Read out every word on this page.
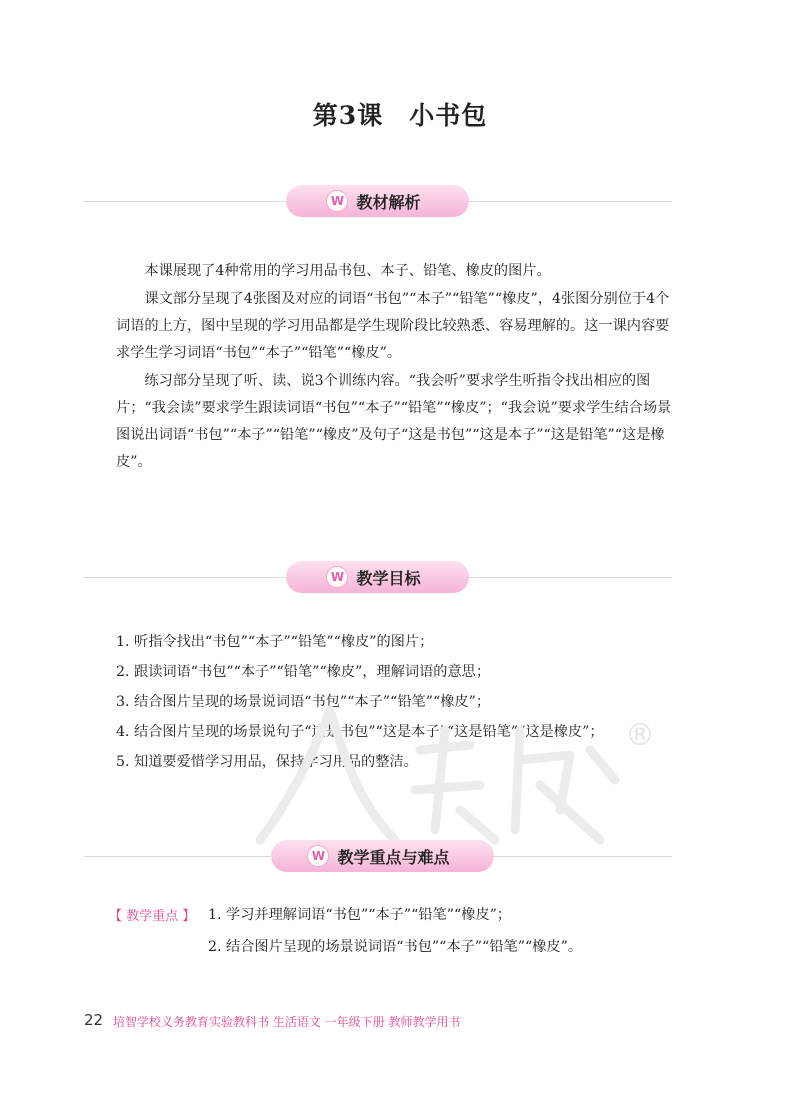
第3课　小书包
W 教材解析

本课展现了4种常用的学习用品书包、本子、铅笔、橡皮的图片。

课文部分呈现了4张图及对应的词语“书包”“本子”“铅笔”“橡皮”，4张图分别位于4个词语的上方，图中呈现的学习用品都是学生现阶段比较熟悉、容易理解的。这一课内容要求学生学习词语“书包”“本子”“铅笔”“橡皮”。

练习部分呈现了听、读、说3个训练内容。“我会听”要求学生听指令找出相应的图片；“我会读”要求学生跟读词语“书包”“本子”“铅笔”“橡皮”；“我会说”要求学生结合场景图说出词语“书包”“本子”“铅笔”“橡皮”及句子“这是书包”“这是本子”“这是铅笔”“这是橡皮”。

W 教学目标

1. 听指令找出“书包”“本子”“铅笔”“橡皮”的图片；

2. 跟读词语“书包”“本子”“铅笔”“橡皮”，理解词语的意思；

3. 结合图片呈现的场景说词语“书包”“本子”“铅笔”“橡皮”；

4. 结合图片呈现的场景说句子“这是书包”“这是本子”“这是铅笔”“这是橡皮”；

5. 知道要爱惜学习用品，保持学习用品的整洁。

®
W 教学重点与难点
【 教学重点 】 1. 学习并理解词语“书包”“本子”“铅笔”“橡皮”；
2. 结合图片呈现的场景说词语“书包”“本子”“铅笔”“橡皮”。
22 培智学校义务教育实验教科书 生活语文 一年级下册 教师教学用书
